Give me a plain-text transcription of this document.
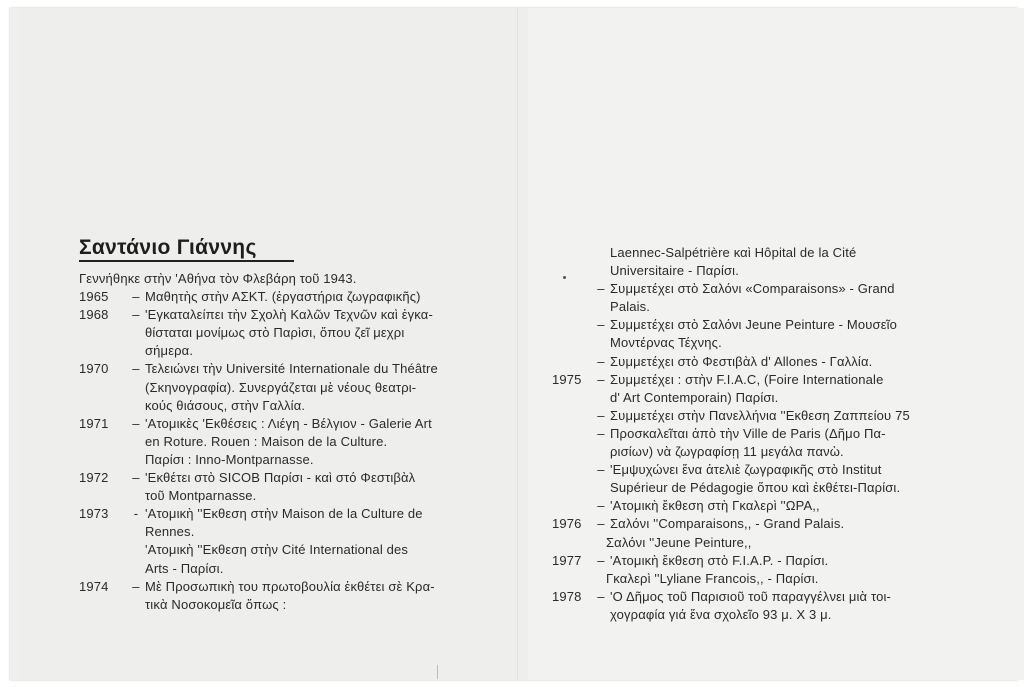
Σαντάνιο Γιάννης
Γεννήθηκε στὴν 'Αθήνα τὸν Φλεβάρη τοῦ 1943.
1965	– Μαθητὴς στὴν ΑΣΚΤ. (ἐργαστήρια ζωγραφικῆς)
1968	– 'Εγκαταλείπει τὴν Σχολὴ Καλῶν Τεχνῶν καὶ ἐγκα-
θίσταται μονίμως στὸ Παρὶσι, ὅπου ζεῖ μεχρι
σήμερα.
1970	– Τελειώνει τὴν Université Internationale du Théâtre
(Σκηνογραφία). Συνεργάζεται μὲ νέους θεατρι-
κούς θιάσους, στὴν Γαλλία.
1971	– 'Ατομικὲς 'Εκθέσεις : Λιέγη - Βέλγιον - Galerie Art
en Roture. Rouen : Maison de la Culture.
Παρίσι : Inno-Montparnasse.
1972	– 'Εκθέτει στὸ SICOB Παρίσι - καὶ στό Φεστιβὰλ
τοῦ Montparnasse.
1973	- 'Ατομικὴ ''Εκθεση στὴν Maison de la Culture de
Rennes.
'Ατομικὴ ''Εκθεση στὴν Cité International des
Arts - Παρίσι.
1974	– Μὲ Προσωπικὴ του πρωτοβουλία ἐκθέτει σὲ Κρα-
τικὰ Νοσοκομεῖα ὅπως :
Laennec-Salpétrière καὶ Hôpital de la Cité
Universitaire - Παρίσι.
– Συμμετέχει στὸ Σαλόνι «Comparaisons» - Grand
Palais.
– Συμμετέχει στὸ Σαλόνι Jeune Peinture - Μουσεῖο
Μοντέρνας Τέχνης.
– Συμμετέχει στὸ Φεστιβὰλ d' Allones - Γαλλία.
1975	– Συμμετέχει : στὴν F.I.A.C, (Foire Internationale
d' Art Contemporain) Παρίσι.
– Συμμετέχει στὴν Πανελλήνια ''Εκθεση Ζαππείου 75
– Προσκαλεῖται ἀπὸ τὴν Ville de Paris (Δῆμο Πα-
ρισίων) νὰ ζωγραφίσῃ 11 μεγάλα πανὼ.
– 'Εμψυχώνει ἕνα ἀτελιὲ ζωγραφικῆς στὸ Institut
Supérieur de Pédagogie ὅπου καὶ ἐκθέτει-Παρίσι.
– 'Ατομικὴ ἔκθεση στὴ Γκαλερὶ ''ΩΡΑ,,
1976	– Σαλόνι ''Comparaisons,, - Grand Palais.
Σαλόνι ''Jeune Peinture,,
1977	– 'Ατομικὴ ἔκθεση στὸ F.I.A.P. - Παρίσι.
Γκαλερὶ ''Lyliane Francois,, - Παρίσι.
1978	– 'Ο Δῆμος τοῦ Παρισιοῦ τοῦ παραγγέλνει μιὰ τοι-
χογραφία γιά ἕνα σχολεῖο 93 μ. Χ 3 μ.
